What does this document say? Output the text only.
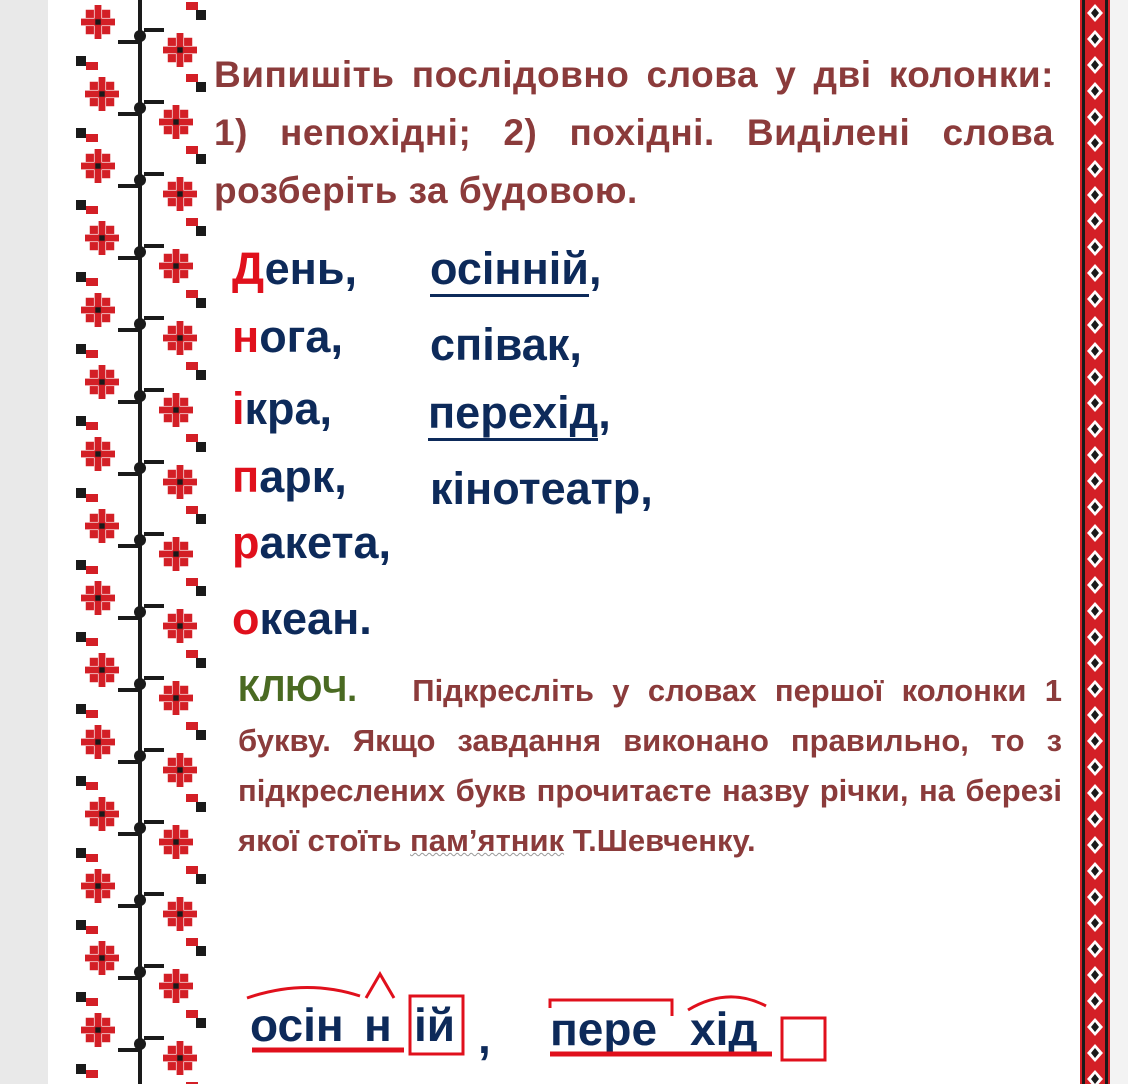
Випишіть послідовно слова у дві колонки: 1) непохідні; 2) похідні. Виділені слова розберіть за будовою.
День,
нога,
ікра,
парк,
ракета,
океан.
осінній,
співак,
перехід,
кінотеатр,
КЛЮЧ. Підкресліть у словах першої колонки 1 букву. Якщо завдання виконано правильно, то з підкреслених букв прочитаєте назву річки, на березі якої стоїть пам’ятник Т.Шевченку.
осін н ій , пере хід
